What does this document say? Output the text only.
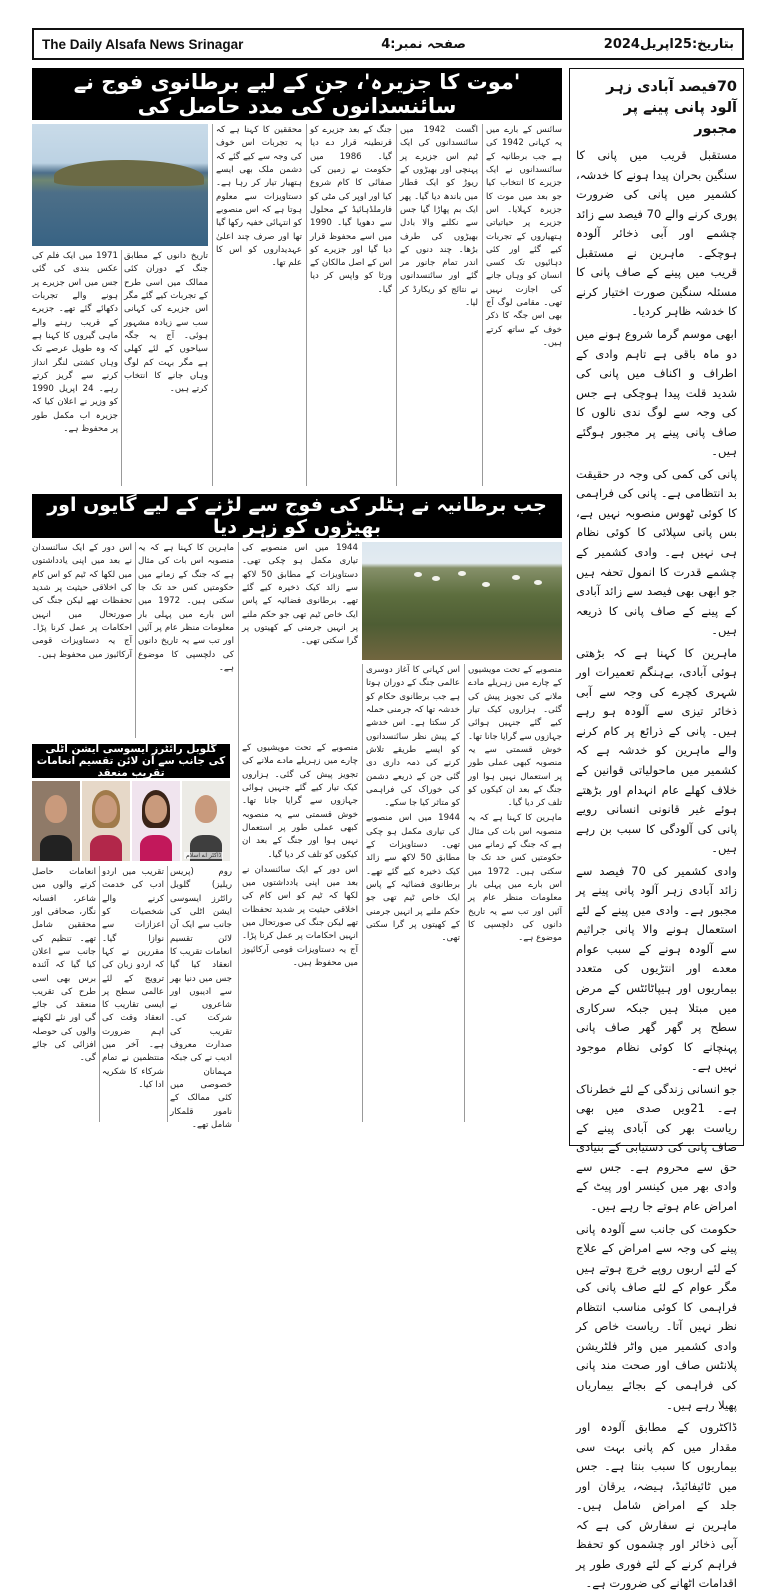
The Daily Alsafa News Srinagar	صفحہ نمبر:4	بتاریخ:25اپریل2024
70فیصد آبادی زہر آلود پانی پینے پر مجبور

مستقبل قریب میں پانی کا سنگین بحران پیدا ہونے کا خدشہ، کشمیر میں پانی کی ضرورت پوری کرنے والے 70 فیصد سے زائد چشمے اور آبی ذخائر آلودہ ہوچکے۔ ماہرین نے مستقبل قریب میں پینے کے صاف پانی کا مسئلہ سنگین صورت اختیار کرنے کا خدشہ ظاہر کردیا۔

ابھی موسم گرما شروع ہونے میں دو ماہ باقی ہے تاہم وادی کے اطراف و اکناف میں پانی کی شدید قلت پیدا ہوچکی ہے جس کی وجہ سے لوگ ندی نالوں کا صاف پانی پینے پر مجبور ہوگئے ہیں۔

پانی کی کمی کی وجہ در حقیقت بد انتظامی ہے۔ پانی کی فراہمی کا کوئی ٹھوس منصوبہ نہیں ہے، بس پانی سپلائی کا کوئی نظام ہی نہیں ہے۔ وادی کشمیر کے چشمے قدرت کا انمول تحفہ ہیں جو ابھی بھی فیصد سے زائد آبادی کے پینے کے صاف پانی کا ذریعہ ہیں۔

ماہرین کا کہنا ہے کہ بڑھتی ہوئی آبادی، بےہنگم تعمیرات اور شہری کچرے کی وجہ سے آبی ذخائر تیزی سے آلودہ ہو رہے ہیں۔ پانی کے ذرائع پر کام کرنے والے ماہرین کو خدشہ ہے کہ کشمیر میں ماحولیاتی قوانین کے خلاف کھلے عام انہدام اور بڑھتے ہوئے غیر قانونی انسانی رویے پانی کی آلودگی کا سبب بن رہے ہیں۔

وادی کشمیر کی 70 فیصد سے زائد آبادی زہر آلود پانی پینے پر مجبور ہے۔ وادی میں پینے کے لئے استعمال ہونے والا پانی جراثیم سے آلودہ ہونے کے سبب عوام معدے اور انتڑیوں کی متعدد بیماریوں اور ہیپاٹائٹس کے مرض میں مبتلا ہیں جبکہ سرکاری سطح پر گھر گھر صاف پانی پہنچانے کا کوئی نظام موجود نہیں ہے۔

جو انسانی زندگی کے لئے خطرناک ہے۔ 21ویں صدی میں بھی ریاست بھر کی آبادی پینے کے صاف پانی کی دستیابی کے بنیادی حق سے محروم ہے۔ جس سے وادی بھر میں کینسر اور پیٹ کے امراض عام ہوتے جا رہے ہیں۔

حکومت کی جانب سے آلودہ پانی پینے کی وجہ سے امراض کے علاج کے لئے اربوں روپے خرچ ہوتے ہیں مگر عوام کے لئے صاف پانی کی فراہمی کا کوئی مناسب انتظام نظر نہیں آتا۔ ریاست خاص کر وادی کشمیر میں واٹر فلٹریشن پلانٹس صاف اور صحت مند پانی کی فراہمی کے بجائے بیماریاں پھیلا رہے ہیں۔

ڈاکٹروں کے مطابق آلودہ اور مقدار میں کم پانی بہت سی بیماریوں کا سبب بنتا ہے۔ جس میں ٹائیفائیڈ، ہیضہ، یرقان اور جلد کے امراض شامل ہیں۔ ماہرین نے سفارش کی ہے کہ آبی ذخائر اور چشموں کو تحفظ فراہم کرنے کے لئے فوری طور پر اقدامات اٹھانے کی ضرورت ہے۔

'موت کا جزیرہ'، جن کے لیے برطانوی فوج نے سائنسدانوں کی مدد حاصل کی

1971 میں ایک فلم کی عکس بندی کی گئی جس میں اس جزیرے پر ہونے والے تجربات دکھائے گئے تھے۔ جزیرے کے قریب رہنے والے ماہی گیروں کا کہنا ہے کہ وہ طویل عرصے تک وہاں کشتی لنگر انداز کرنے سے گریز کرتے رہے۔ 24 اپریل 1990 کو وزیر نے اعلان کیا کہ جزیرہ اب مکمل طور پر محفوظ ہے۔

تاریخ دانوں کے مطابق جنگ کے دوران کئی ممالک میں اسی طرح کے تجربات کیے گئے مگر اس جزیرے کی کہانی سب سے زیادہ مشہور ہوئی۔ آج یہ جگہ سیاحوں کے لئے کھلی ہے مگر بہت کم لوگ وہاں جانے کا انتخاب کرتے ہیں۔

محققین کا کہنا ہے کہ یہ تجربات اس خوف کی وجہ سے کیے گئے کہ دشمن ملک بھی ایسے ہتھیار تیار کر رہا ہے۔ دستاویزات سے معلوم ہوتا ہے کہ اس منصوبے کو انتہائی خفیہ رکھا گیا تھا اور صرف چند اعلیٰ عہدیداروں کو اس کا علم تھا۔

جنگ کے بعد جزیرے کو قرنطینہ قرار دے دیا گیا۔ 1986 میں حکومت نے زمین کی صفائی کا کام شروع کیا اور اوپر کی مٹی کو فارملڈہائیڈ کے محلول سے دھویا گیا۔ 1990 میں اسے محفوظ قرار دیا گیا اور جزیرے کو اس کے اصل مالکان کے ورثا کو واپس کر دیا گیا۔

اگست 1942 میں سائنسدانوں کی ایک ٹیم اس جزیرے پر پہنچی اور بھیڑوں کے ریوڑ کو ایک قطار میں باندھ دیا گیا۔ پھر ایک بم پھاڑا گیا جس سے نکلنے والا بادل بھیڑوں کی طرف بڑھا۔ چند دنوں کے اندر تمام جانور مر گئے اور سائنسدانوں نے نتائج کو ریکارڈ کر لیا۔

سائنس کے بارے میں یہ کہانی 1942 کی ہے جب برطانیہ کے سائنسدانوں نے ایک جزیرے کا انتخاب کیا جو بعد میں موت کا جزیرہ کہلایا۔ اس جزیرے پر حیاتیاتی ہتھیاروں کے تجربات کیے گئے اور کئی دہائیوں تک کسی انسان کو وہاں جانے کی اجازت نہیں تھی۔ مقامی لوگ آج بھی اس جگہ کا ذکر خوف کے ساتھ کرتے ہیں۔

جب برطانیہ نے ہٹلر کی فوج سے لڑنے کے لیے گایوں اور بھیڑوں کو زہر دیا

اس دور کے ایک سائنسدان نے بعد میں اپنی یادداشتوں میں لکھا کہ ٹیم کو اس کام کی اخلاقی حیثیت پر شدید تحفظات تھے لیکن جنگ کی صورتحال میں انہیں احکامات پر عمل کرنا پڑا۔ آج یہ دستاویزات قومی آرکائیوز میں محفوظ ہیں۔

ماہرین کا کہنا ہے کہ یہ منصوبہ اس بات کی مثال ہے کہ جنگ کے زمانے میں حکومتیں کس حد تک جا سکتی ہیں۔ 1972 میں اس بارے میں پہلی بار معلومات منظر عام پر آئیں اور تب سے یہ تاریخ دانوں کی دلچسپی کا موضوع ہے۔

1944 میں اس منصوبے کی تیاری مکمل ہو چکی تھی۔ دستاویزات کے مطابق 50 لاکھ سے زائد کیک ذخیرہ کیے گئے تھے۔ برطانوی فضائیہ کے پاس ایک خاص ٹیم تھی جو حکم ملنے پر انہیں جرمنی کے کھیتوں پر گرا سکتی تھی۔

منصوبے کے تحت مویشیوں کے چارے میں زہریلے مادے ملانے کی تجویز پیش کی گئی۔ ہزاروں کیک تیار کیے گئے جنہیں ہوائی جہازوں سے گرایا جانا تھا۔ خوش قسمتی سے یہ منصوبہ کبھی عملی طور پر استعمال نہیں ہوا اور جنگ کے بعد ان کیکوں کو تلف کر دیا گیا۔

اس دور کے ایک سائنسدان نے بعد میں اپنی یادداشتوں میں لکھا کہ ٹیم کو اس کام کی اخلاقی حیثیت پر شدید تحفظات تھے لیکن جنگ کی صورتحال میں انہیں احکامات پر عمل کرنا پڑا۔ آج یہ دستاویزات قومی آرکائیوز میں محفوظ ہیں۔

اس کہانی کا آغاز دوسری عالمی جنگ کے دوران ہوتا ہے جب برطانوی حکام کو خدشہ تھا کہ جرمنی حملہ کر سکتا ہے۔ اس خدشے کے پیش نظر سائنسدانوں کو ایسے طریقے تلاش کرنے کی ذمہ داری دی گئی جن کے ذریعے دشمن کی خوراک کی فراہمی کو متاثر کیا جا سکے۔

1944 میں اس منصوبے کی تیاری مکمل ہو چکی تھی۔ دستاویزات کے مطابق 50 لاکھ سے زائد کیک ذخیرہ کیے گئے تھے۔ برطانوی فضائیہ کے پاس ایک خاص ٹیم تھی جو حکم ملنے پر انہیں جرمنی کے کھیتوں پر گرا سکتی تھی۔

منصوبے کے تحت مویشیوں کے چارے میں زہریلے مادے ملانے کی تجویز پیش کی گئی۔ ہزاروں کیک تیار کیے گئے جنہیں ہوائی جہازوں سے گرایا جانا تھا۔ خوش قسمتی سے یہ منصوبہ کبھی عملی طور پر استعمال نہیں ہوا اور جنگ کے بعد ان کیکوں کو تلف کر دیا گیا۔

ماہرین کا کہنا ہے کہ یہ منصوبہ اس بات کی مثال ہے کہ جنگ کے زمانے میں حکومتیں کس حد تک جا سکتی ہیں۔ 1972 میں اس بارے میں پہلی بار معلومات منظر عام پر آئیں اور تب سے یہ تاریخ دانوں کی دلچسپی کا موضوع ہے۔

گلوبل رائٹرز ایسوسی ایشن اٹلی کی جانب سے آن لائن تقسیم انعامات تقریب منعقد
ڈاکٹر اے اسلام

انعامات حاصل کرنے والوں میں شاعر، افسانہ نگار، صحافی اور محققین شامل تھے۔ تنظیم کی جانب سے اعلان کیا گیا کہ آئندہ برس بھی اسی طرح کی تقریب منعقد کی جائے گی اور نئے لکھنے والوں کی حوصلہ افزائی کی جائے گی۔

تقریب میں اردو ادب کی خدمت کرنے والے شخصیات کو اعزازات سے نوازا گیا۔ مقررین نے کہا کہ اردو زبان کی ترویج کے لئے عالمی سطح پر ایسی تقاریب کا انعقاد وقت کی اہم ضرورت ہے۔ آخر میں منتظمین نے تمام شرکاء کا شکریہ ادا کیا۔

روم (پریس ریلیز) گلوبل رائٹرز ایسوسی ایشن اٹلی کی جانب سے ایک آن لائن تقسیم انعامات تقریب کا انعقاد کیا گیا جس میں دنیا بھر سے ادیبوں اور شاعروں نے شرکت کی۔ تقریب کی صدارت معروف ادیب نے کی جبکہ مہمانان خصوصی میں کئی ممالک کے نامور قلمکار شامل تھے۔
